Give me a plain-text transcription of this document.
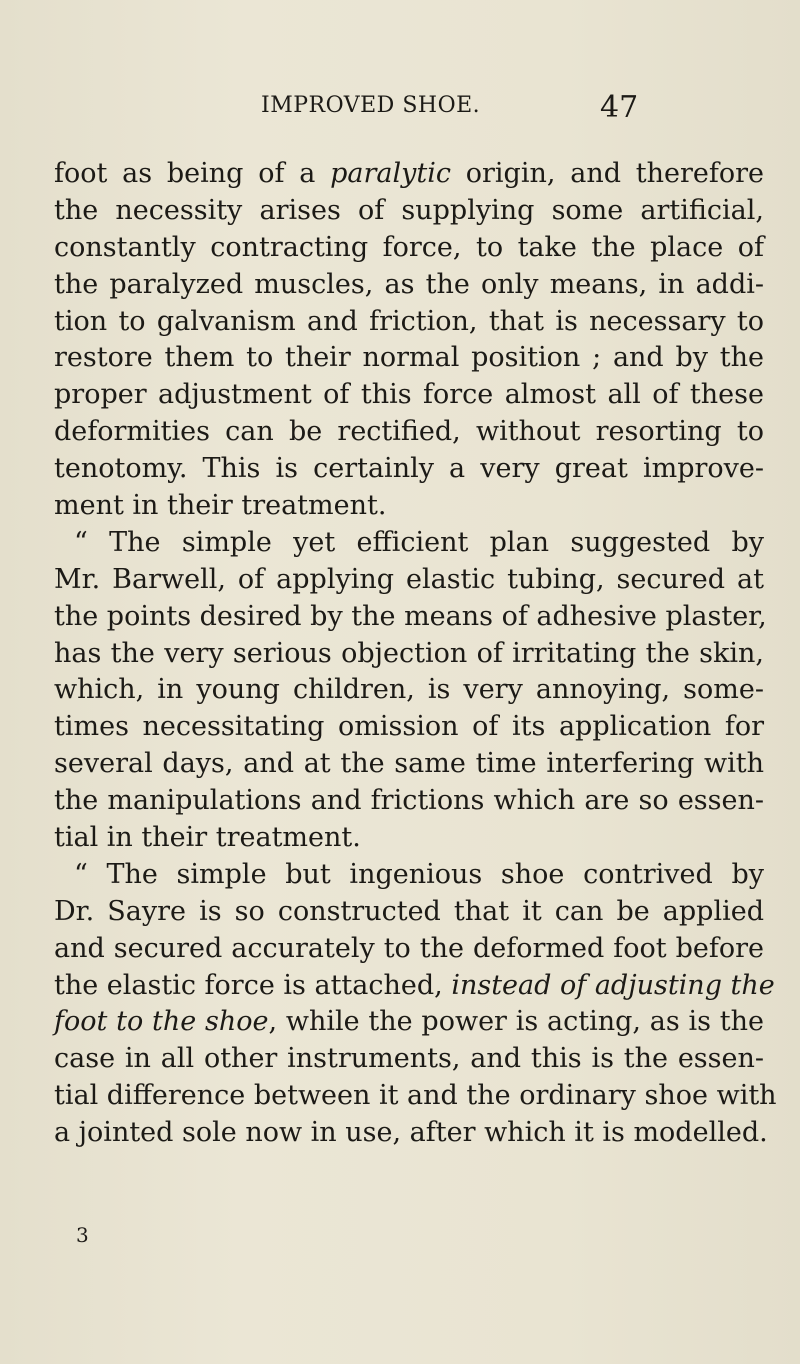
IMPROVED SHOE.	47
foot as being of a paralytic origin, and therefore
the necessity arises of supplying some artificial,
constantly contracting force, to take the place of
the paralyzed muscles, as the only means, in addi-
tion to galvanism and friction, that is necessary to
restore them to their normal position ; and by the
proper adjustment of this force almost all of these
deformities can be rectified, without resorting to
tenotomy. This is certainly a very great improve-
ment in their treatment.
“ The simple yet efficient plan suggested by
Mr. Barwell, of applying elastic tubing, secured at
the points desired by the means of adhesive plaster,
has the very serious objection of irritating the skin,
which, in young children, is very annoying, some-
times necessitating omission of its application for
several days, and at the same time interfering with
the manipulations and frictions which are so essen-
tial in their treatment.
“ The simple but ingenious shoe contrived by
Dr. Sayre is so constructed that it can be applied
and secured accurately to the deformed foot before
the elastic force is attached, instead of adjusting the
foot to the shoe, while the power is acting, as is the
case in all other instruments, and this is the essen-
tial difference between it and the ordinary shoe with
a jointed sole now in use, after which it is modelled.
3
